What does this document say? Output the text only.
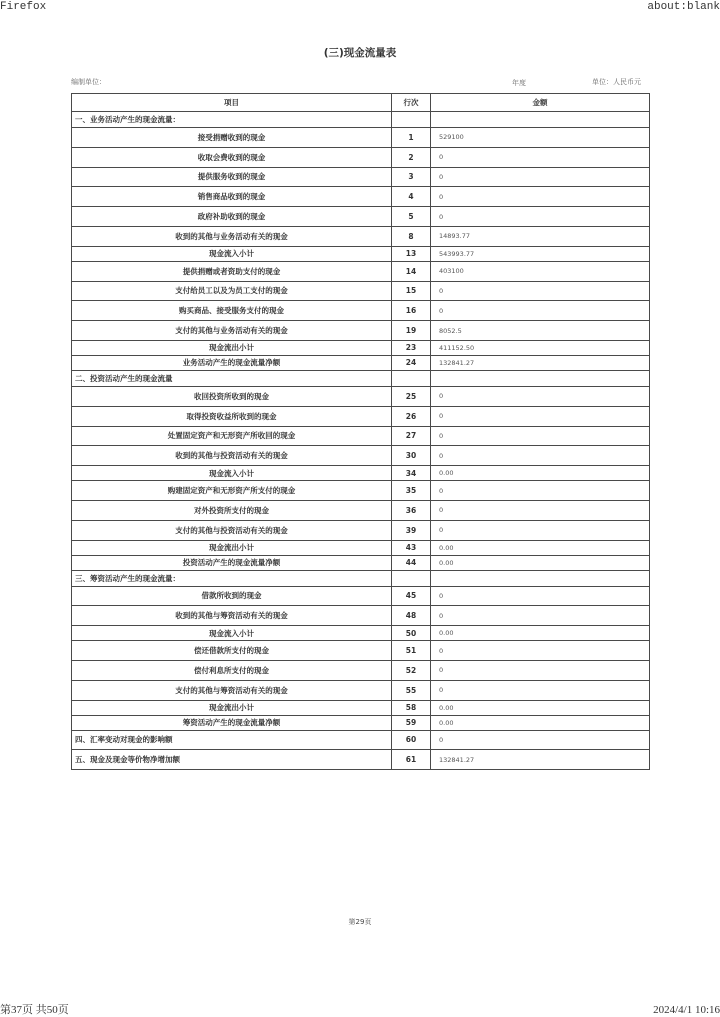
Firefox	about:blank
(三)现金流量表
编制单位：	年度	单位：人民币元
项目	行次	金额
一、业务活动产生的现金流量：		
接受捐赠收到的现金	1	529100
收取会费收到的现金	2	0
提供服务收到的现金	3	0
销售商品收到的现金	4	0
政府补助收到的现金	5	0
收到的其他与业务活动有关的现金	8	14893.77
现金流入小计	13	543993.77
提供捐赠或者资助支付的现金	14	403100
支付给员工以及为员工支付的现金	15	0
购买商品、接受服务支付的现金	16	0
支付的其他与业务活动有关的现金	19	8052.5
现金流出小计	23	411152.50
业务活动产生的现金流量净额	24	132841.27
二、投资活动产生的现金流量		
收回投资所收到的现金	25	0
取得投资收益所收到的现金	26	0
处置固定资产和无形资产所收回的现金	27	0
收到的其他与投资活动有关的现金	30	0
现金流入小计	34	0.00
购建固定资产和无形资产所支付的现金	35	0
对外投资所支付的现金	36	0
支付的其他与投资活动有关的现金	39	0
现金流出小计	43	0.00
投资活动产生的现金流量净额	44	0.00
三、筹资活动产生的现金流量：		
借款所收到的现金	45	0
收到的其他与筹资活动有关的现金	48	0
现金流入小计	50	0.00
偿还借款所支付的现金	51	0
偿付利息所支付的现金	52	0
支付的其他与筹资活动有关的现金	55	0
现金流出小计	58	0.00
筹资活动产生的现金流量净额	59	0.00
四、汇率变动对现金的影响额	60	0
五、现金及现金等价物净增加额	61	132841.27
第29页
第37页 共50页	2024/4/1 10:16
